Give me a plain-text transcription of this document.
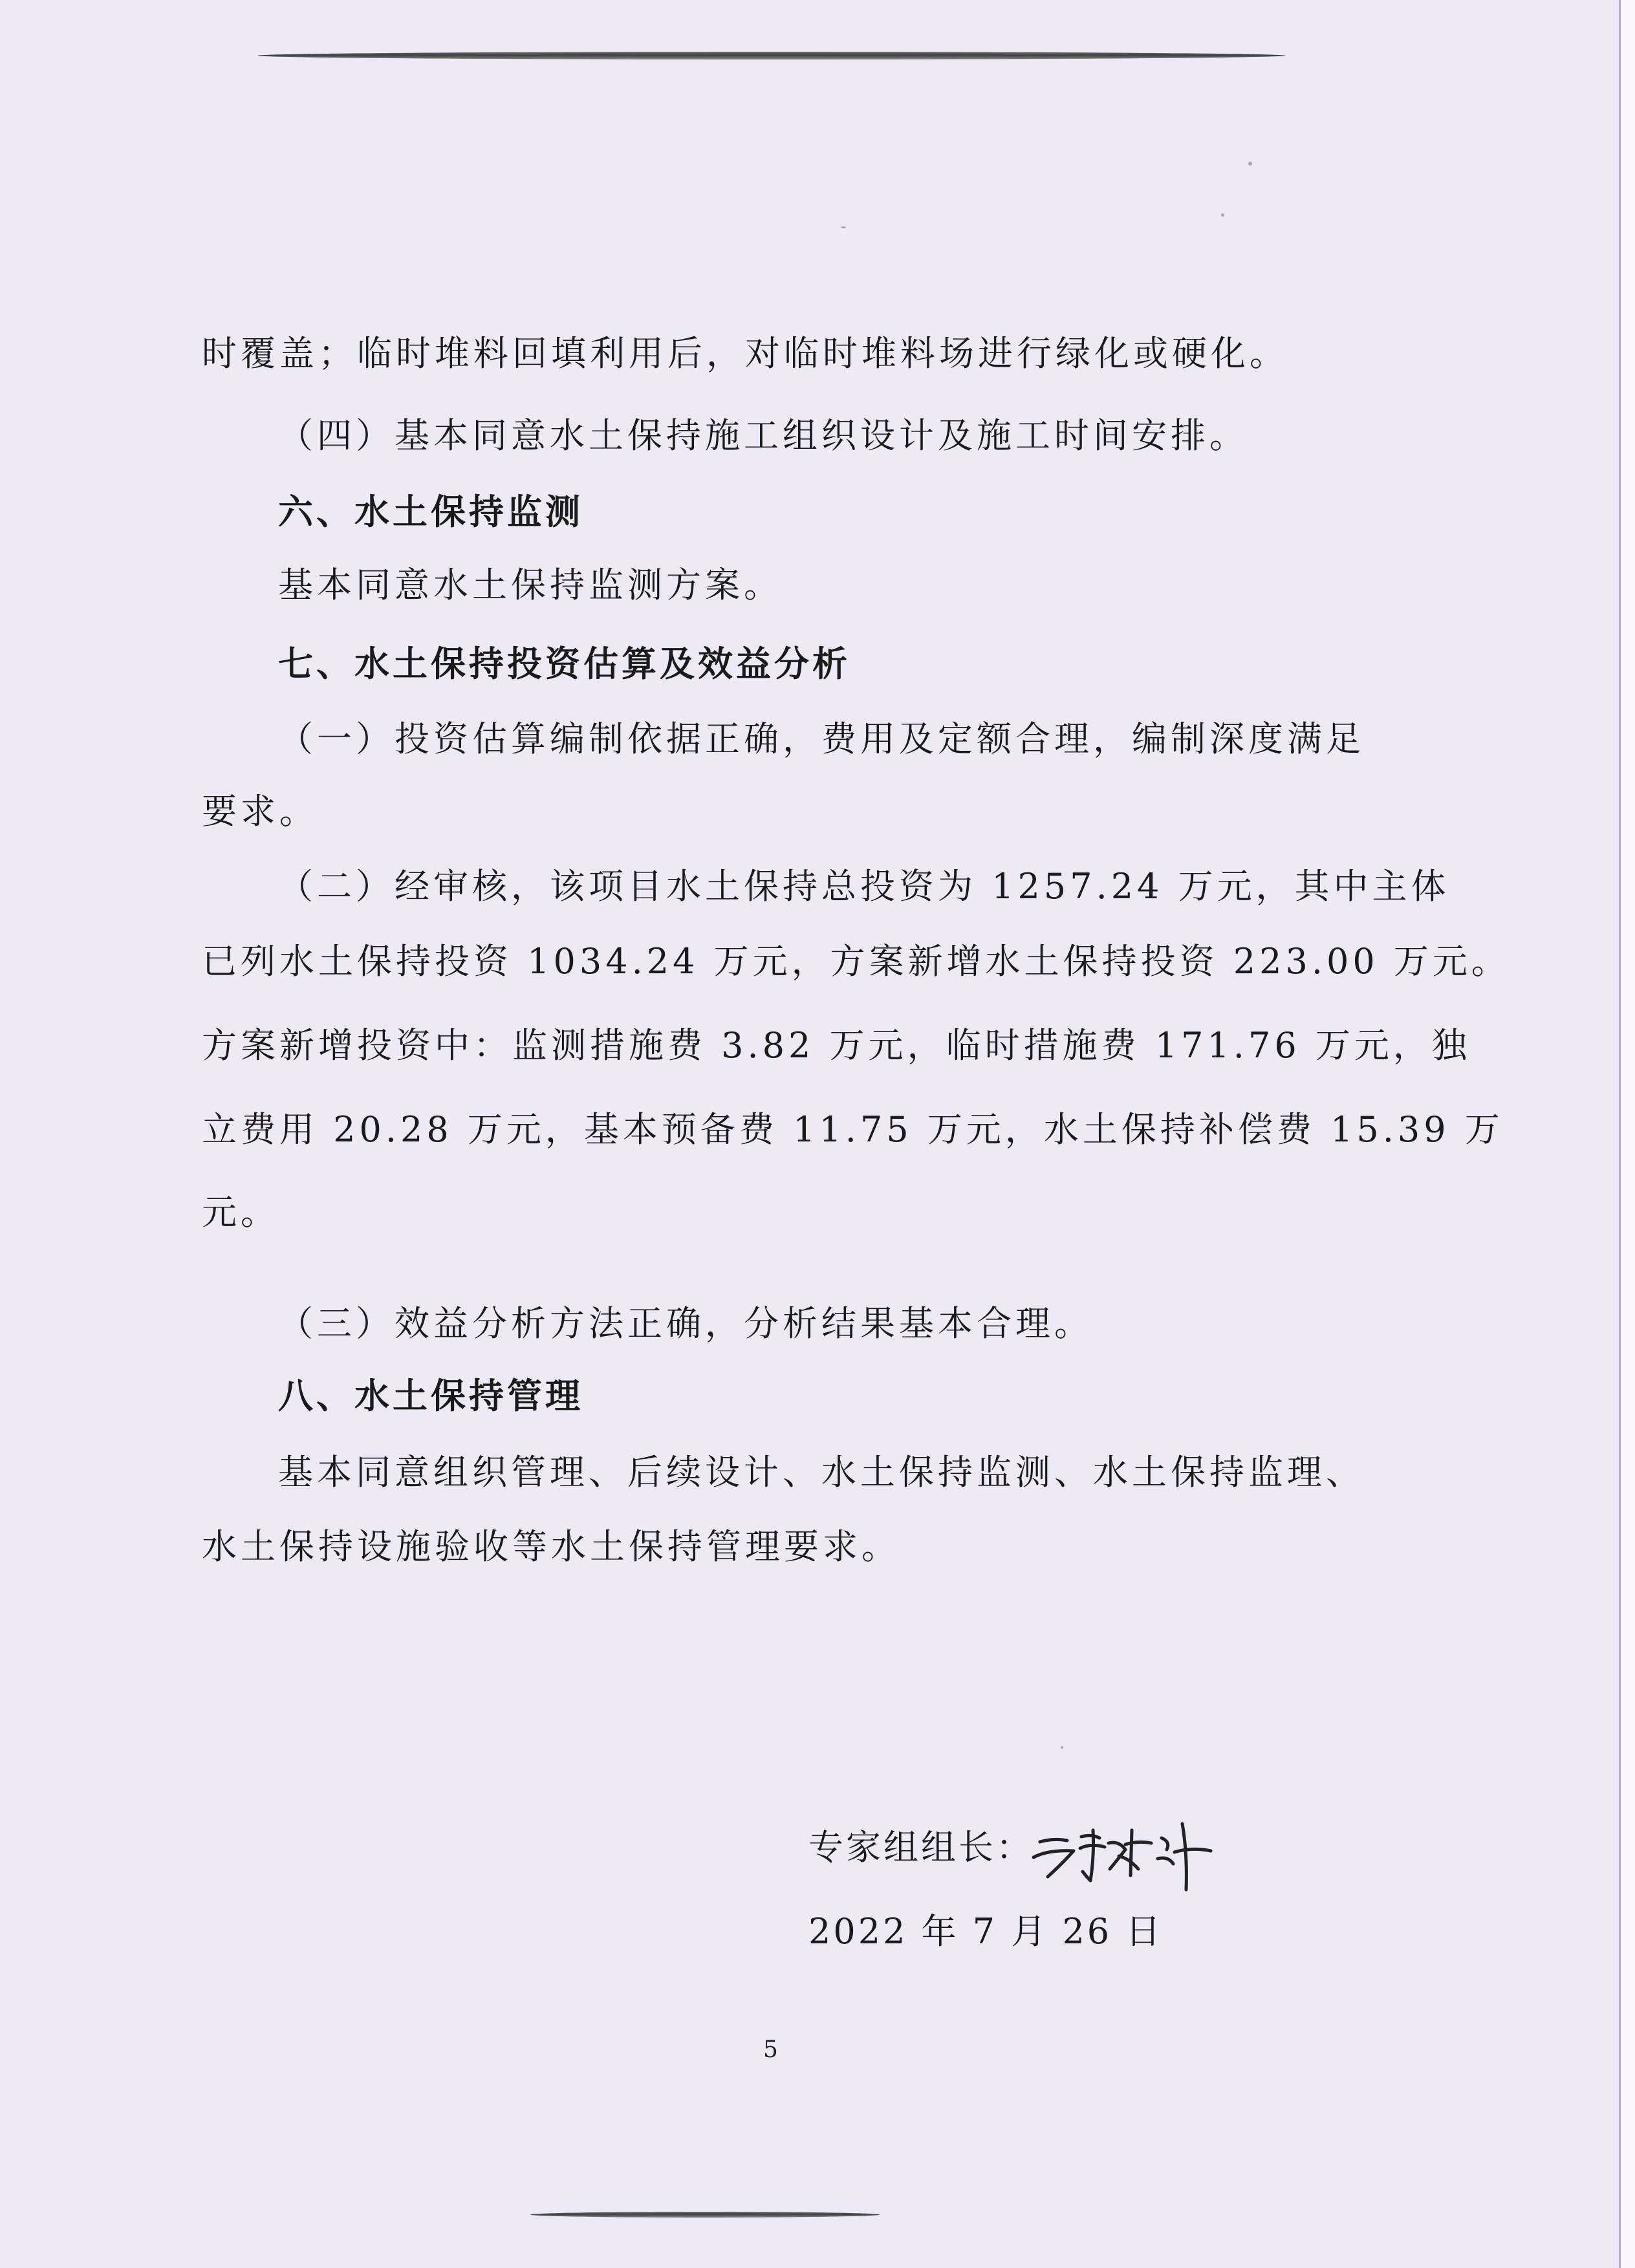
时覆盖；临时堆料回填利用后，对临时堆料场进行绿化或硬化。
（四）基本同意水土保持施工组织设计及施工时间安排。
六、水土保持监测
基本同意水土保持监测方案。
七、水土保持投资估算及效益分析
（一）投资估算编制依据正确，费用及定额合理，编制深度满足
要求。
（二）经审核，该项目水土保持总投资为 1257.24 万元，其中主体
已列水土保持投资 1034.24 万元，方案新增水土保持投资 223.00 万元。
方案新增投资中：监测措施费 3.82 万元，临时措施费 171.76 万元，独
立费用 20.28 万元，基本预备费 11.75 万元，水土保持补偿费 15.39 万
元。
（三）效益分析方法正确，分析结果基本合理。
八、水土保持管理
基本同意组织管理、后续设计、水土保持监测、水土保持监理、
水土保持设施验收等水土保持管理要求。
专家组组长：
2022 年 7 月 26 日
5
